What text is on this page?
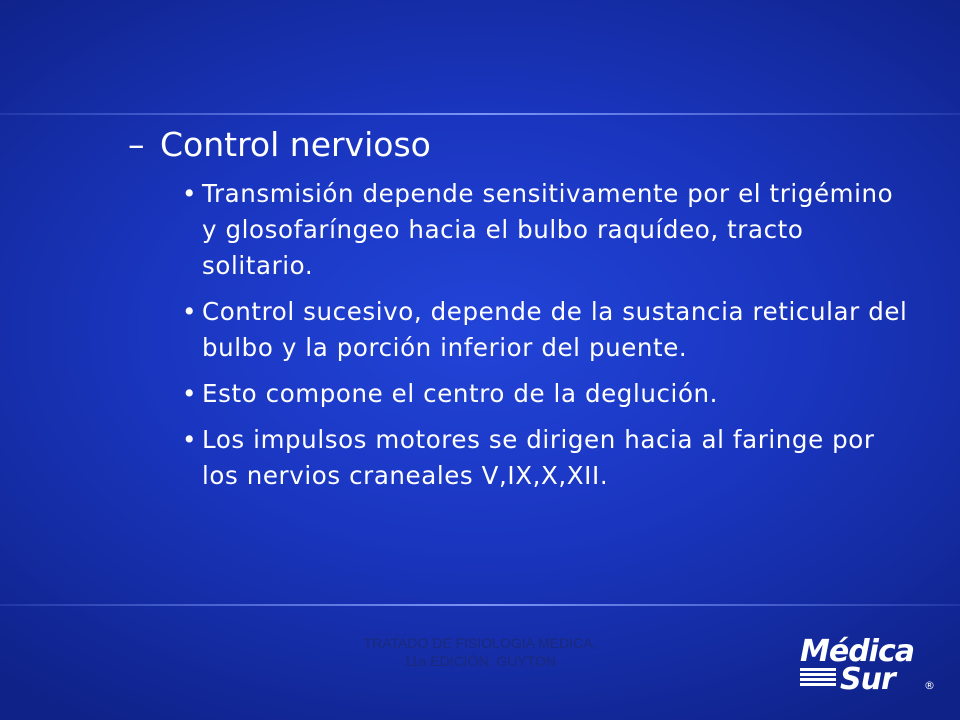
– Control nervioso
• Transmisión depende sensitivamente por el trigémino y glosofaríngeo hacia el bulbo raquídeo, tracto solitario.
• Control sucesivo, depende de la sustancia reticular del bulbo y la porción inferior del puente.
• Esto compone el centro de la deglución.
• Los impulsos motores se dirigen hacia al faringe por los nervios craneales V,IX,X,XII.
TRATADO DE FISIOLOGIA MEDICA, 11a EDICIÓN: GUYTON	Médica
Sur	®
